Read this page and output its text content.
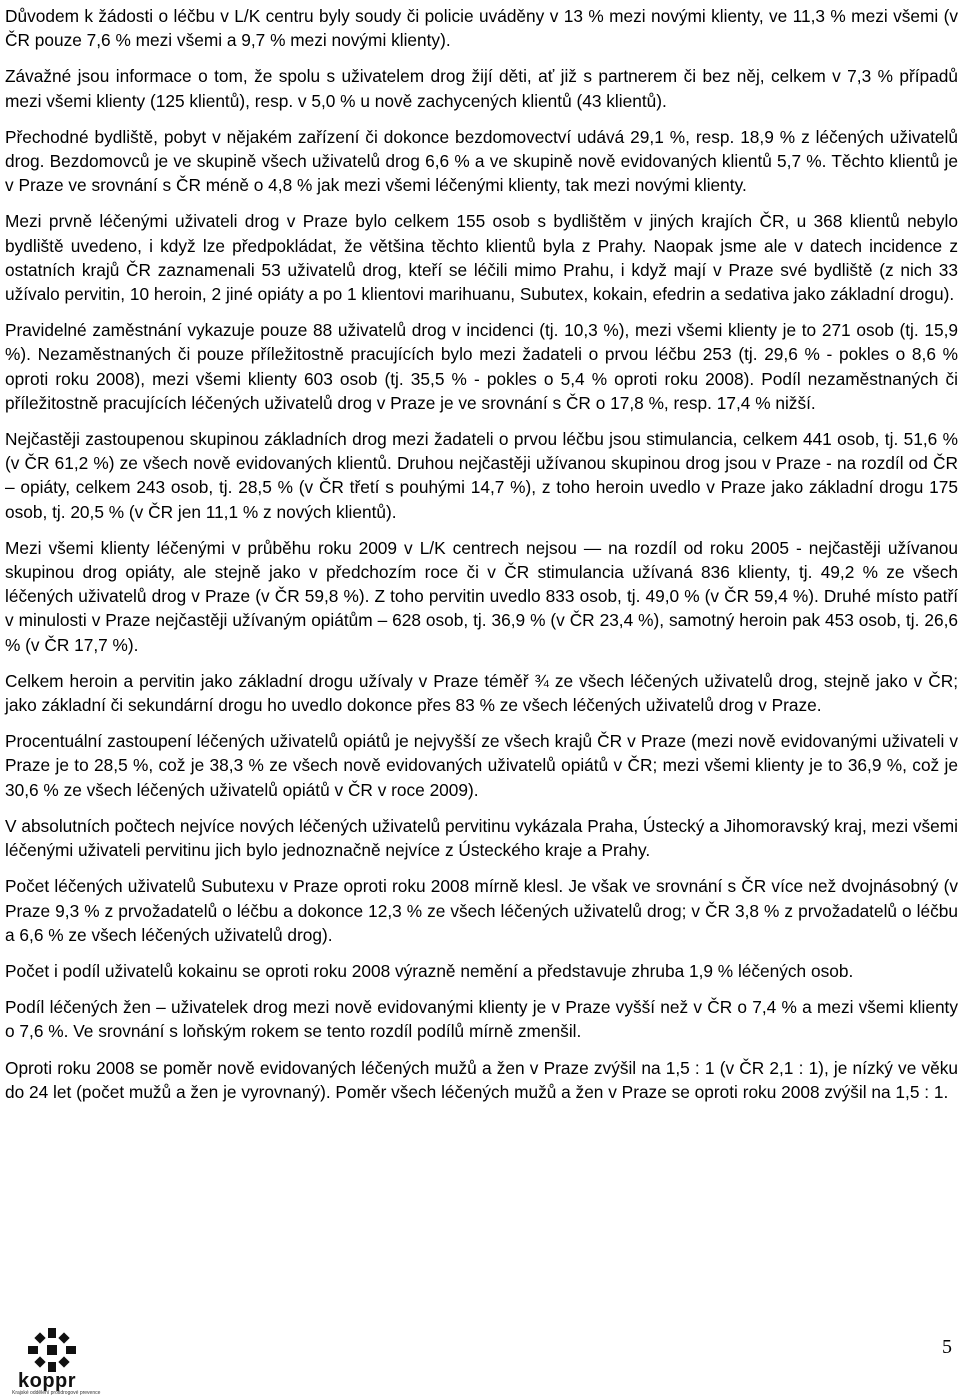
Důvodem k žádosti o léčbu v L/K centru byly soudy či policie uváděny v 13 % mezi novými klienty, ve 11,3 % mezi všemi (v ČR pouze 7,6 % mezi všemi a 9,7 % mezi novými klienty).

Závažné jsou informace o tom, že spolu s uživatelem drog žijí děti, ať již s partnerem či bez něj, celkem v 7,3 % případů mezi všemi klienty (125 klientů), resp. v 5,0 % u nově zachycených klientů (43 klientů).

Přechodné bydliště, pobyt v nějakém zařízení či dokonce bezdomovectví udává 29,1 %, resp. 18,9 % z léčených uživatelů drog. Bezdomovců je ve skupině všech uživatelů drog 6,6 % a ve skupině nově evidovaných klientů 5,7 %. Těchto klientů je v Praze ve srovnání s ČR méně o 4,8 % jak mezi všemi léčenými klienty, tak mezi novými klienty.

Mezi prvně léčenými uživateli drog v Praze bylo celkem 155 osob s bydlištěm v jiných krajích ČR, u 368 klientů nebylo bydliště uvedeno, i když lze předpokládat, že většina těchto klientů byla z Prahy. Naopak jsme ale v datech incidence z ostatních krajů ČR zaznamenali 53 uživatelů drog, kteří se léčili mimo Prahu, i když mají v Praze své bydliště (z nich 33 užívalo pervitin, 10 heroin, 2 jiné opiáty a po 1 klientovi marihuanu, Subutex, kokain, efedrin a sedativa jako základní drogu).

Pravidelné zaměstnání vykazuje pouze 88 uživatelů drog v incidenci (tj. 10,3 %), mezi všemi klienty je to 271 osob (tj. 15,9 %). Nezaměstnaných či pouze příležitostně pracujících bylo mezi žadateli o prvou léčbu 253 (tj. 29,6 % - pokles o 8,6 % oproti roku 2008), mezi všemi klienty 603 osob (tj. 35,5 % - pokles o 5,4 % oproti roku 2008). Podíl nezaměstnaných či příležitostně pracujících léčených uživatelů drog v Praze je ve srovnání s ČR o 17,8 %, resp. 17,4 % nižší.

Nejčastěji zastoupenou skupinou základních drog mezi žadateli o prvou léčbu jsou stimulancia, celkem 441 osob, tj. 51,6 % (v ČR 61,2 %) ze všech nově evidovaných klientů. Druhou nejčastěji užívanou skupinou drog jsou v Praze - na rozdíl od ČR – opiáty, celkem 243 osob, tj. 28,5 % (v ČR třetí s pouhými 14,7 %), z toho heroin uvedlo v Praze jako základní drogu 175 osob, tj. 20,5 % (v ČR jen 11,1 % z nových klientů).

Mezi všemi klienty léčenými v průběhu roku 2009 v L/K centrech nejsou — na rozdíl od roku 2005 - nejčastěji užívanou skupinou drog opiáty, ale stejně jako v předchozím roce či v ČR stimulancia užívaná 836 klienty, tj. 49,2 % ze všech léčených uživatelů drog v Praze (v ČR 59,8 %). Z toho pervitin uvedlo 833 osob, tj. 49,0 % (v ČR 59,4 %). Druhé místo patří v minulosti v Praze nejčastěji užívaným opiátům – 628 osob, tj. 36,9 % (v ČR 23,4 %), samotný heroin pak 453 osob, tj. 26,6 % (v ČR 17,7 %).

Celkem heroin a pervitin jako základní drogu užívaly v Praze téměř ¾ ze všech léčených uživatelů drog, stejně jako v ČR; jako základní či sekundární drogu ho uvedlo dokonce přes 83 % ze všech léčených uživatelů drog v Praze.

Procentuální zastoupení léčených uživatelů opiátů je nejvyšší ze všech krajů ČR v Praze (mezi nově evidovanými uživateli v Praze je to 28,5 %, což je 38,3 % ze všech nově evidovaných uživatelů opiátů v ČR; mezi všemi klienty je to 36,9 %, což je 30,6 % ze všech léčených uživatelů opiátů v ČR v roce 2009).

V absolutních počtech nejvíce nových léčených uživatelů pervitinu vykázala Praha, Ústecký a Jihomoravský kraj, mezi všemi léčenými uživateli pervitinu jich bylo jednoznačně nejvíce z Ústeckého kraje a Prahy.

Počet léčených uživatelů Subutexu v Praze oproti roku 2008 mírně klesl. Je však ve srovnání s ČR více než dvojnásobný (v Praze 9,3 % z prvožadatelů o léčbu a dokonce 12,3 % ze všech léčených uživatelů drog; v ČR 3,8 % z prvožadatelů o léčbu a 6,6 % ze všech léčených uživatelů drog).

Počet i podíl uživatelů kokainu se oproti roku 2008 výrazně nemění a představuje zhruba 1,9 % léčených osob.

Podíl léčených žen – uživatelek drog mezi nově evidovanými klienty je v Praze vyšší než v ČR o 7,4 % a mezi všemi klienty o 7,6 %. Ve srovnání s loňským rokem se tento rozdíl podílů mírně zmenšil.

Oproti roku 2008 se poměr nově evidovaných léčených mužů a žen v Praze zvýšil na 1,5 : 1 (v ČR 2,1 : 1), je nízký ve věku do 24 let (počet mužů a žen je vyrovnaný). Poměr všech léčených mužů a žen v Praze se oproti roku 2008 zvýšil na 1,5 : 1.

koppr
Krajské oddělení protidrogové prevence
5
